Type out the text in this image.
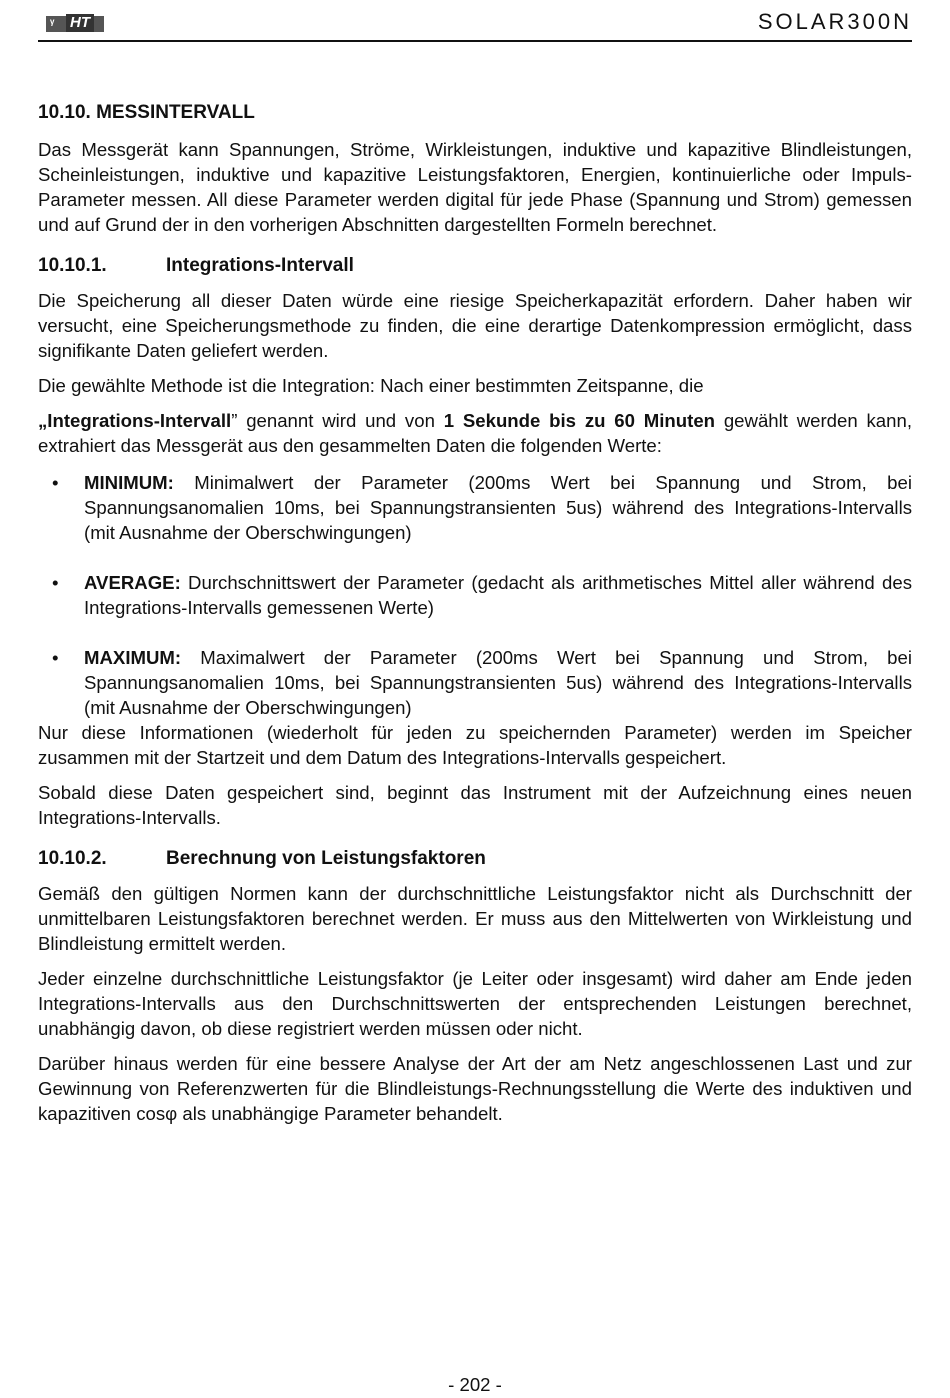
ᵞ	HT	SOLAR300N
10.10. MESSINTERVALL

Das Messgerät kann Spannungen, Ströme, Wirkleistungen, induktive und kapazitive Blindleistungen, Scheinleistungen, induktive und kapazitive Leistungsfaktoren, Energien, kontinuierliche oder Impuls-Parameter messen. All diese Parameter werden digital für jede Phase (Spannung und Strom) gemessen und auf Grund der in den vorherigen Abschnitten dargestellten Formeln berechnet.

10.10.1.	Integrations-Intervall

Die Speicherung all dieser Daten würde eine riesige Speicherkapazität erfordern. Daher haben wir versucht, eine Speicherungsmethode zu finden, die eine derartige Datenkompression ermöglicht, dass signifikante Daten geliefert werden.

Die gewählte Methode ist die Integration: Nach einer bestimmten Zeitspanne, die

„Integrations-Intervall” genannt wird und von 1 Sekunde bis zu 60 Minuten gewählt werden kann, extrahiert das Messgerät aus den gesammelten Daten die folgenden Werte:

• MINIMUM: Minimalwert der Parameter (200ms Wert bei Spannung und Strom, bei Spannungsanomalien 10ms, bei Spannungstransienten 5us) während des Integrations-Intervalls (mit Ausnahme der Oberschwingungen)
• AVERAGE: Durchschnittswert der Parameter (gedacht als arithmetisches Mittel aller während des Integrations-Intervalls gemessenen Werte)
• MAXIMUM: Maximalwert der Parameter (200ms Wert bei Spannung und Strom, bei Spannungsanomalien 10ms, bei Spannungstransienten 5us) während des Integrations-Intervalls (mit Ausnahme der Oberschwingungen)

Nur diese Informationen (wiederholt für jeden zu speichernden Parameter) werden im Speicher zusammen mit der Startzeit und dem Datum des Integrations-Intervalls gespeichert.

Sobald diese Daten gespeichert sind, beginnt das Instrument mit der Aufzeichnung eines neuen Integrations-Intervalls.

10.10.2.	Berechnung von Leistungsfaktoren

Gemäß den gültigen Normen kann der durchschnittliche Leistungsfaktor nicht als Durchschnitt der unmittelbaren Leistungsfaktoren berechnet werden. Er muss aus den Mittelwerten von Wirkleistung und Blindleistung ermittelt werden.

Jeder einzelne durchschnittliche Leistungsfaktor (je Leiter oder insgesamt) wird daher am Ende jeden Integrations-Intervalls aus den Durchschnittswerten der entsprechenden Leistungen berechnet, unabhängig davon, ob diese registriert werden müssen oder nicht.

Darüber hinaus werden für eine bessere Analyse der Art der am Netz angeschlossenen Last und zur Gewinnung von Referenzwerten für die Blindleistungs-Rechnungsstellung die Werte des induktiven und kapazitiven cosφ als unabhängige Parameter behandelt.

- 202 -
